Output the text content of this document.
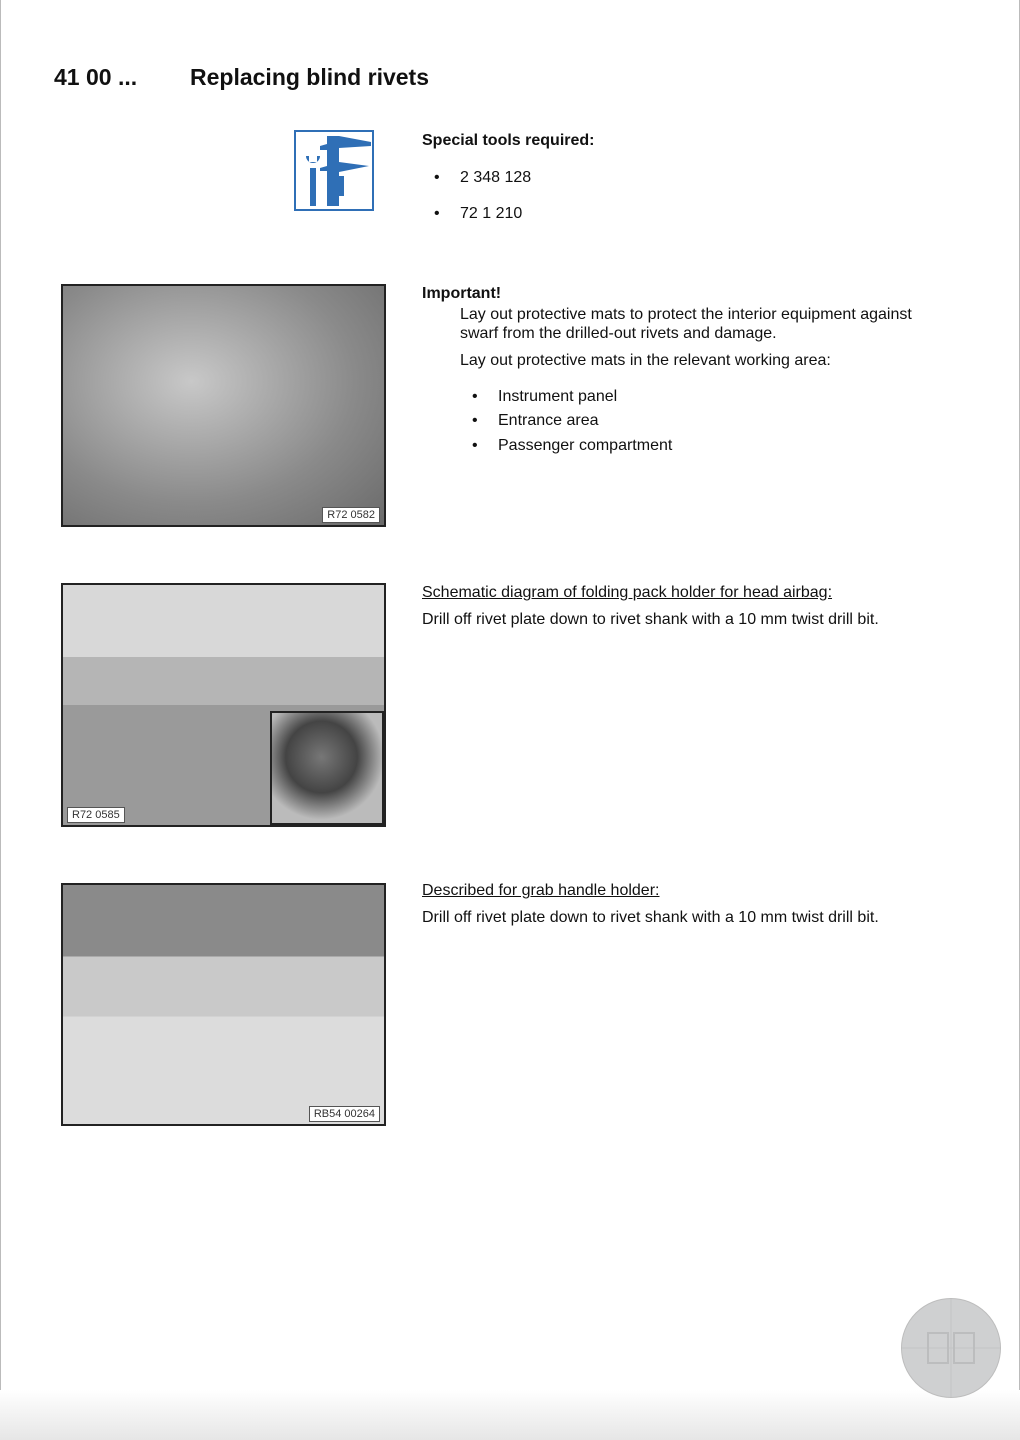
41 00 ... Replacing blind rivets
Special tools required:
• 2 348 128
• 72 1 210
R72 0582
Important!
Lay out protective mats to protect the interior equipment against swarf from the drilled-out rivets and damage.
Lay out protective mats in the relevant working area:
• Instrument panel
• Entrance area
• Passenger compartment
R72 0585
Schematic diagram of folding pack holder for head airbag:
Drill off rivet plate down to rivet shank with a 10 mm twist drill bit.
RB54 00264
Described for grab handle holder:
Drill off rivet plate down to rivet shank with a 10 mm twist drill bit.
